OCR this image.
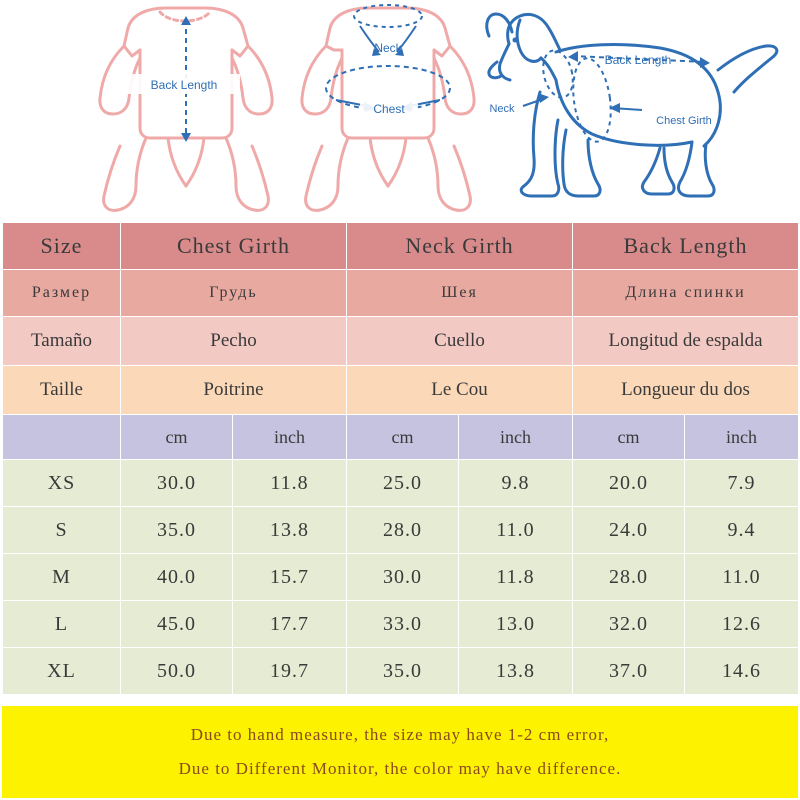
Back Length
Neck
Chest
Back Length
Neck
Chest Girth
Size	Chest Girth		Neck Girth		Back Length	
Рaзмер	Грудь		Шея		Длина спинки	
Tamaño	Pecho		Cuello		Longitud de espalda	
Taille	Poitrine		Le Cou		Longueur du dos	
	cm	inch	cm	inch	cm	inch
XS	30.0	11.8	25.0	9.8	20.0	7.9
S	35.0	13.8	28.0	11.0	24.0	9.4
M	40.0	15.7	30.0	11.8	28.0	11.0
L	45.0	17.7	33.0	13.0	32.0	12.6
XL	50.0	19.7	35.0	13.8	37.0	14.6
Due to hand measure, the size may have 1-2 cm error,
Due to Different Monitor, the color may have difference.
